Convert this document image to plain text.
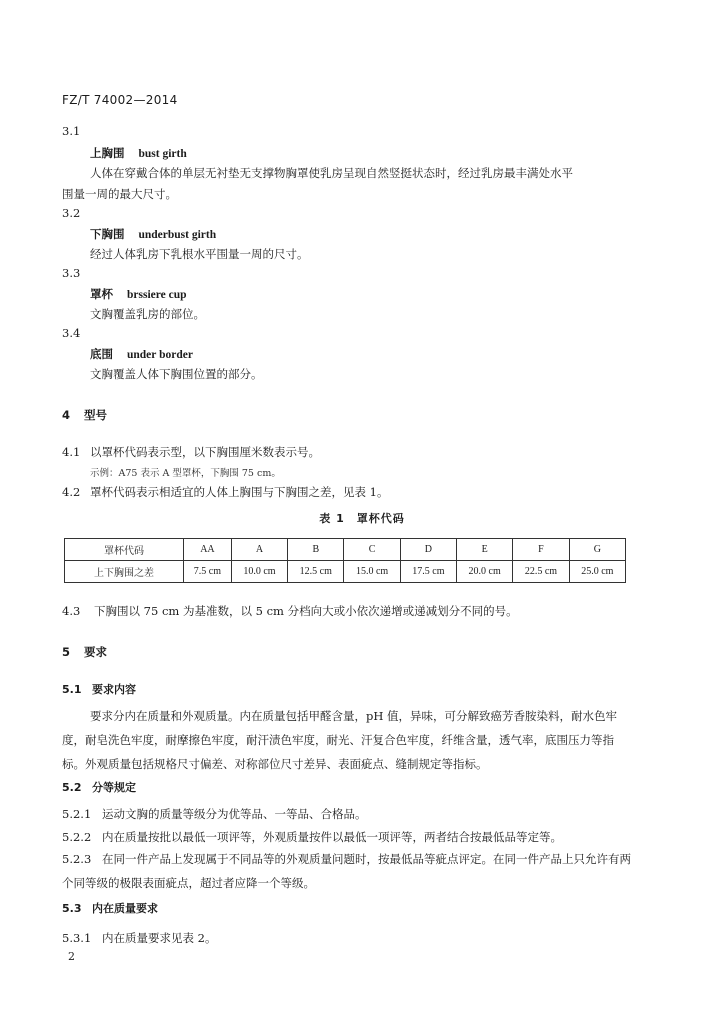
FZ/T 74002—2014
3.1
上胸围 bust girth
人体在穿戴合体的单层无衬垫无支撑物胸罩使乳房呈现自然竖挺状态时，经过乳房最丰满处水平
围量一周的最大尺寸。
3.2
下胸围 underbust girth
经过人体乳房下乳根水平围量一周的尺寸。
3.3
罩杯 brssiere cup
文胸覆盖乳房的部位。
3.4
底围 under border
文胸覆盖人体下胸围位置的部分。
4 型号
4.1 以罩杯代码表示型，以下胸围厘米数表示号。
示例：A75 表示 A 型罩杯，下胸围 75 cm。
4.2 罩杯代码表示相适宜的人体上胸围与下胸围之差，见表 1。
表 1　罩杯代码
罩杯代码	AA	A	B	C	D	E	F	G
上下胸围之差	7.5 cm	10.0 cm	12.5 cm	15.0 cm	17.5 cm	20.0 cm	22.5 cm	25.0 cm
4.3 下胸围以 75 cm 为基准数，以 5 cm 分档向大或小依次递增或递减划分不同的号。
5 要求
5.1 要求内容
要求分内在质量和外观质量。内在质量包括甲醛含量，pH 值，异味，可分解致癌芳香胺染料，耐水色牢度，耐皂洗色牢度，耐摩擦色牢度，耐汗渍色牢度，耐光、汗复合色牢度，纤维含量，透气率，底围压力等指标。外观质量包括规格尺寸偏差、对称部位尺寸差异、表面疵点、缝制规定等指标。
5.2 分等规定
5.2.1 运动文胸的质量等级分为优等品、一等品、合格品。
5.2.2 内在质量按批以最低一项评等，外观质量按件以最低一项评等，两者结合按最低品等定等。
5.2.3 在同一件产品上发现属于不同品等的外观质量问题时，按最低品等疵点评定。在同一件产品上只允许有两个同等级的极限表面疵点，超过者应降一个等级。
5.3 内在质量要求
5.3.1 内在质量要求见表 2。
2
